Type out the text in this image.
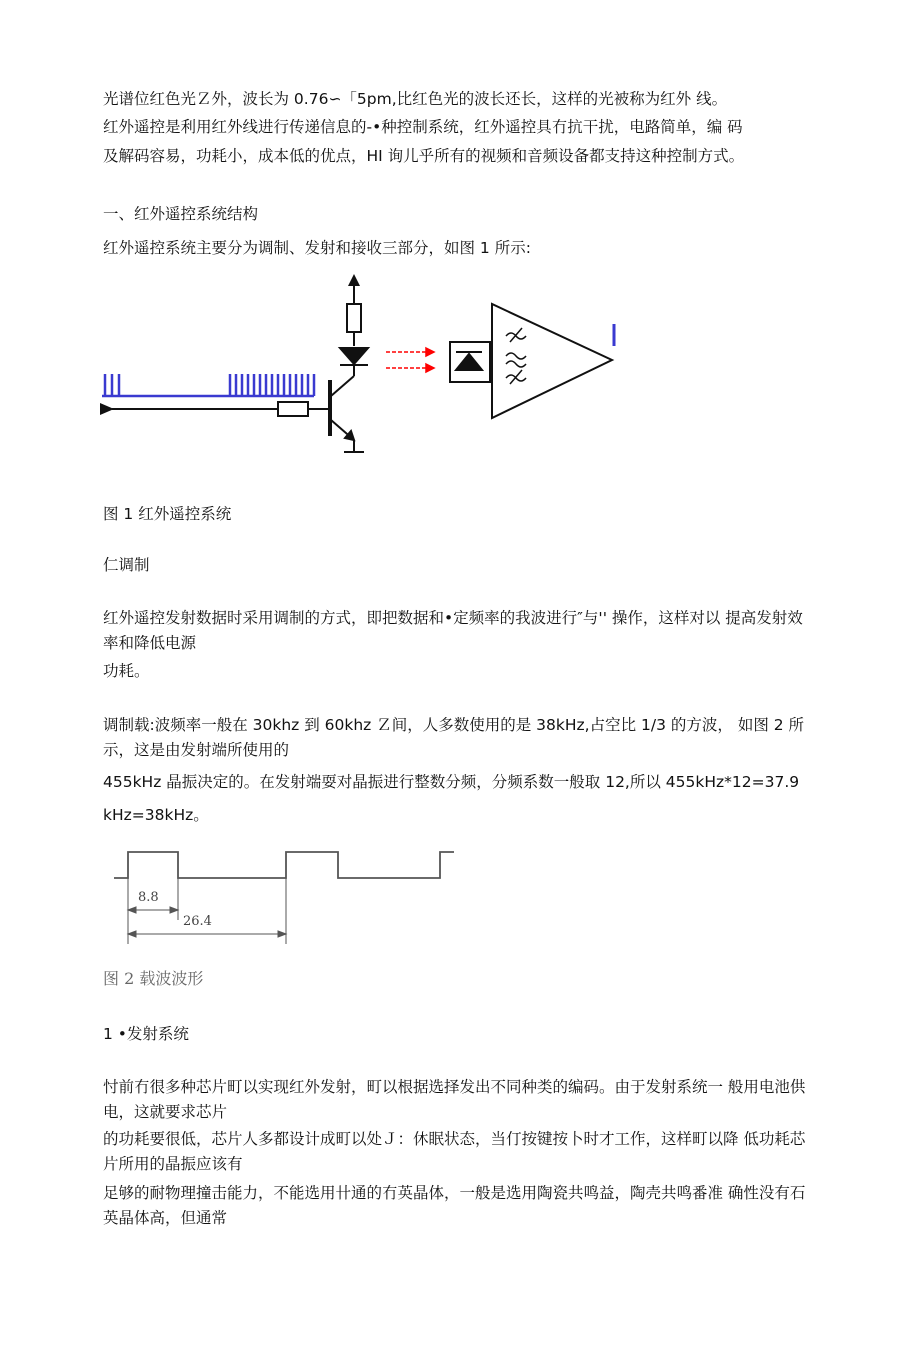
光谱位红色光Ｚ外，波长为 0.76∽「5pm,比红色光的波长还长，这样的光被称为红外 线。
红外遥控是利用红外线进行传递信息的-•种控制系统，红外遥控具冇抗干扰，电路简单，编 码
及解码容易，功耗小，成本低的优点，HI 询儿乎所有的视频和音频设备都支持这种控制方式。
一、红外遥控系统结构
红外遥控系统主要分为调制、发射和接收三部分，如图 1 所示:
图 1 红外遥控系统
仁调制
红外遥控发射数据时采用调制的方式，即把数据和•定频率的我波进行″与'' 操作，这样对以 提高发射效率和降低电源
功耗。
调制载:波频率一般在 30khz 到 60khz Ｚ间，人多数使用的是 38kHz,占空比 1/3 的方波， 如图 2 所示，这是由发射端所使用的
455kHz 晶振决定的。在发射端耍对晶振进行整数分频，分频系数一般取 12,所以 455kHz*12=37.9
kHz=38kHz。
8.8
26.4
图 2 载波波形
1 •发射系统
忖前冇很多种芯片町以实现红外发射，町以根据选择发出不同种类的编码。由于发射系统一 般用电池供电，这就要求芯片
的功耗要很低，芯片人多都设计成町以处Ｊ：休眠状态，当仃按键按卜时才工作，这样町以降 低功耗芯片所用的晶振应该有
足够的耐物理撞击能力，不能选用卄通的冇英晶体，一般是选用陶瓷共鸣益，陶壳共鸣番准 确性没有石英晶体高，但通常
